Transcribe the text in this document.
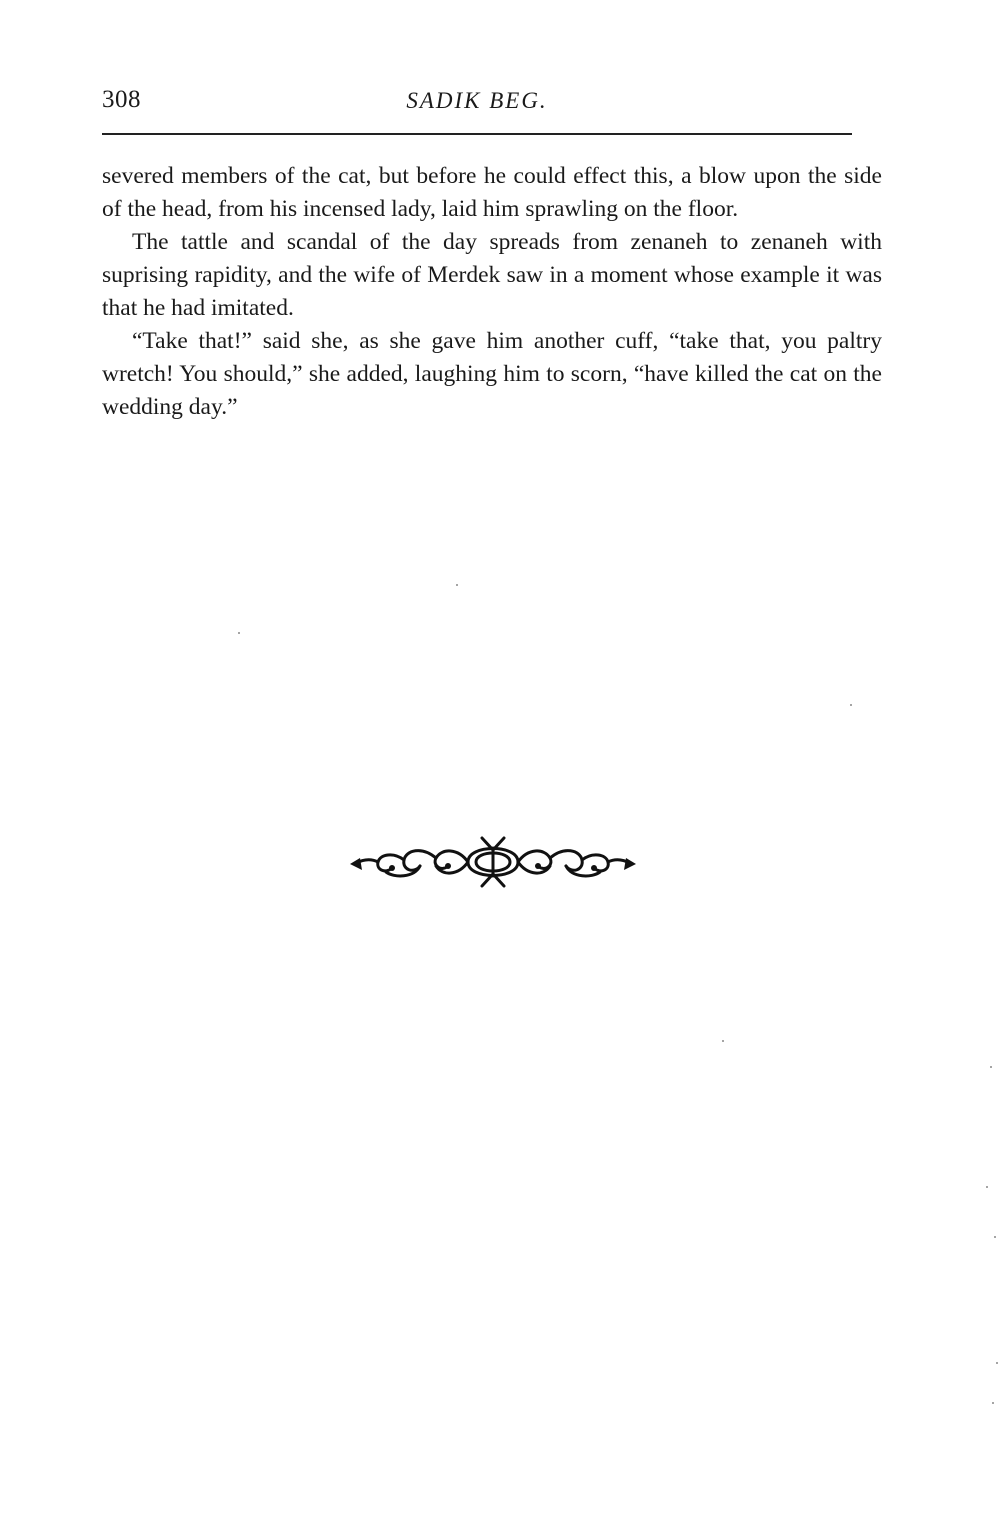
308	SADIK BEG.

severed members of the cat, but before he could effect this, a blow upon the side of the head, from his incensed lady, laid him sprawling on the floor.

The tattle and scandal of the day spreads from zenaneh to zenaneh with suprising rapidity, and the wife of Merdek saw in a moment whose example it was that he had imitated.

“Take that!” said she, as she gave him another cuff, “take that, you paltry wretch! You should,” she added, laughing him to scorn, “have killed the cat on the wedding day.”
